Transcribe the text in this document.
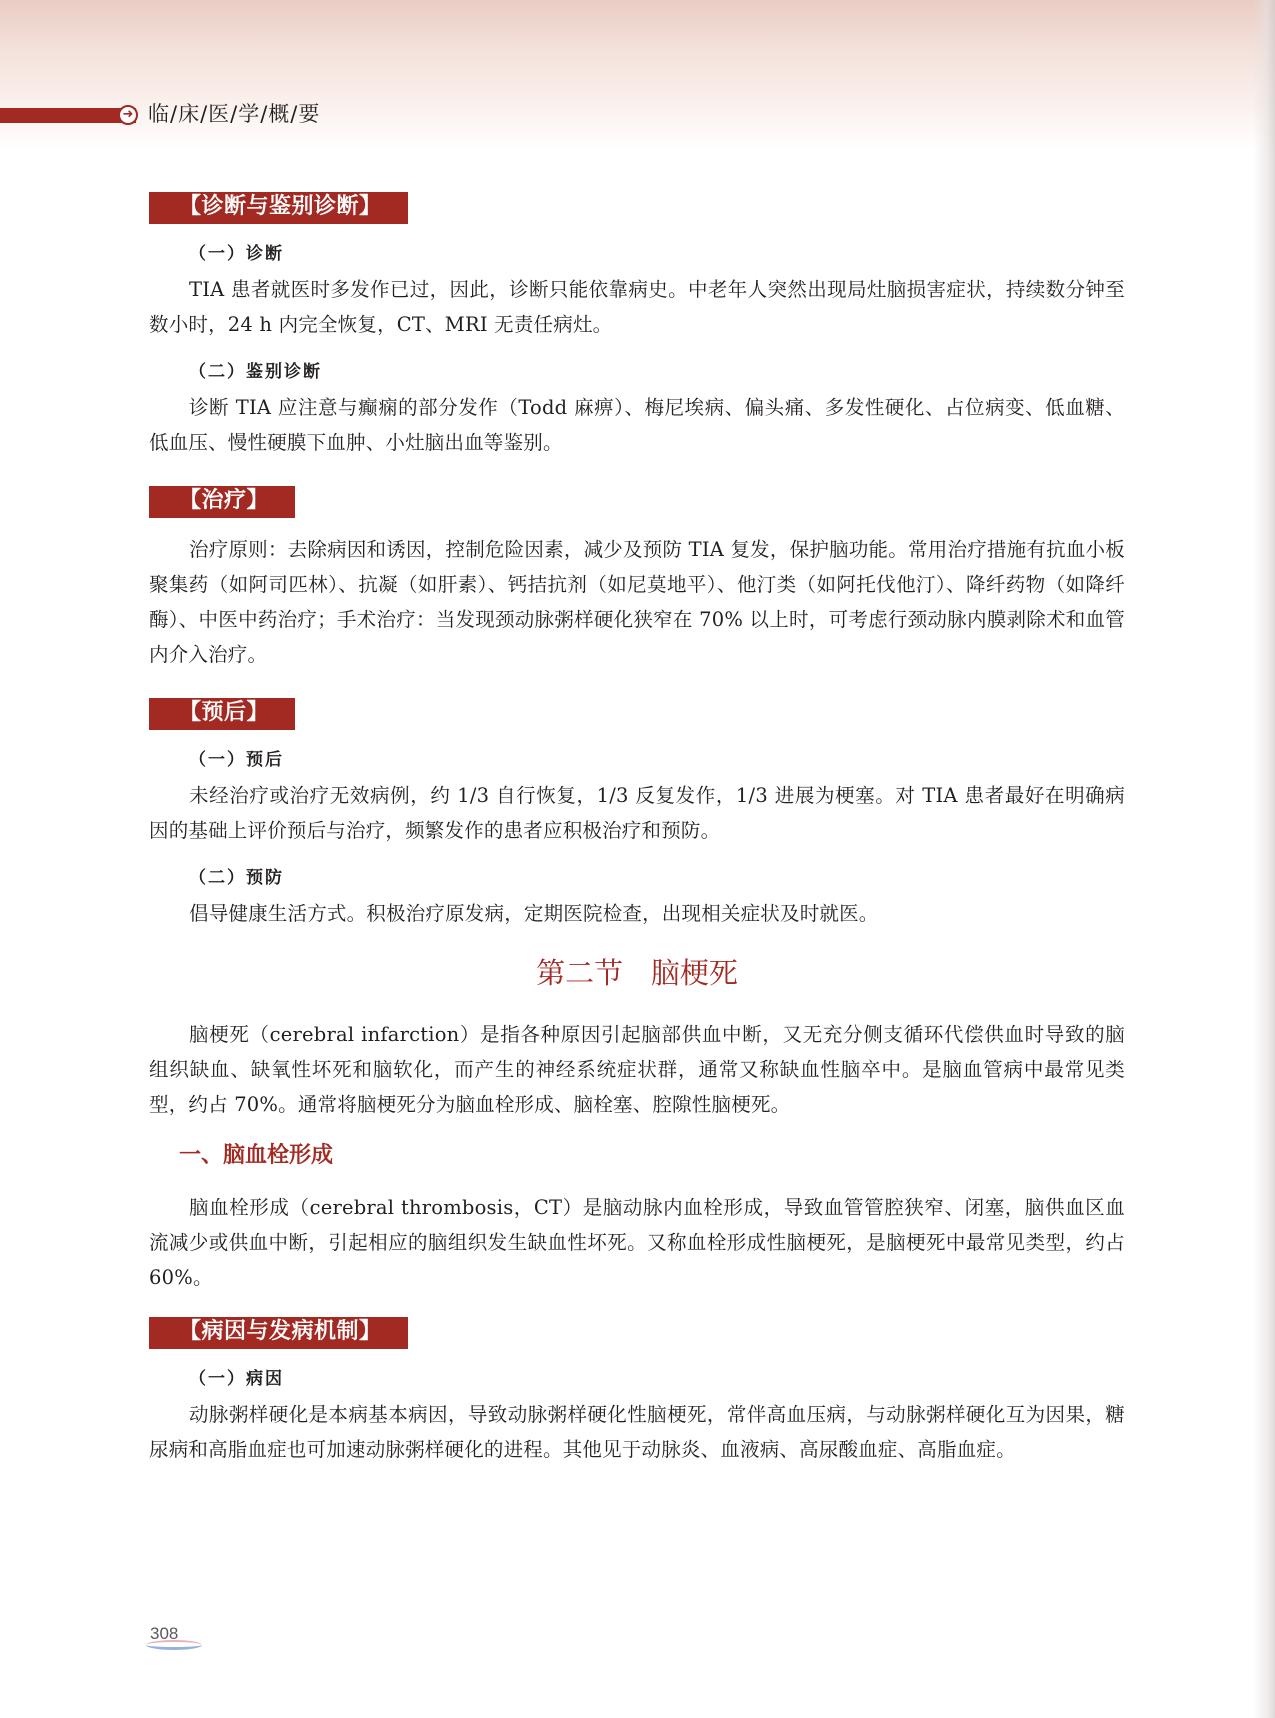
➜ 临/床/医/学/概/要
【诊断与鉴别诊断】
（一）诊断

TIA 患者就医时多发作已过，因此，诊断只能依靠病史。中老年人突然出现局灶脑损害症状，持续数分钟至数小时，24 h 内完全恢复，CT、MRI 无责任病灶。

（二）鉴别诊断

诊断 TIA 应注意与癫痫的部分发作（Todd 麻痹）、梅尼埃病、偏头痛、多发性硬化、占位病变、低血糖、低血压、慢性硬膜下血肿、小灶脑出血等鉴别。

【治疗】

治疗原则：去除病因和诱因，控制危险因素，减少及预防 TIA 复发，保护脑功能。常用治疗措施有抗血小板聚集药（如阿司匹林）、抗凝（如肝素）、钙拮抗剂（如尼莫地平）、他汀类（如阿托伐他汀）、降纤药物（如降纤酶）、中医中药治疗；手术治疗：当发现颈动脉粥样硬化狭窄在 70% 以上时，可考虑行颈动脉内膜剥除术和血管内介入治疗。

【预后】
（一）预后

未经治疗或治疗无效病例，约 1/3 自行恢复，1/3 反复发作，1/3 进展为梗塞。对 TIA 患者最好在明确病因的基础上评价预后与治疗，频繁发作的患者应积极治疗和预防。

（二）预防

倡导健康生活方式。积极治疗原发病，定期医院检查，出现相关症状及时就医。

第二节   脑梗死

脑梗死（cerebral infarction）是指各种原因引起脑部供血中断，又无充分侧支循环代偿供血时导致的脑组织缺血、缺氧性坏死和脑软化，而产生的神经系统症状群，通常又称缺血性脑卒中。是脑血管病中最常见类型，约占 70%。通常将脑梗死分为脑血栓形成、脑栓塞、腔隙性脑梗死。

一、脑血栓形成

脑血栓形成（cerebral thrombosis，CT）是脑动脉内血栓形成，导致血管管腔狭窄、闭塞，脑供血区血流减少或供血中断，引起相应的脑组织发生缺血性坏死。又称血栓形成性脑梗死，是脑梗死中最常见类型，约占 60%。

【病因与发病机制】
（一）病因

动脉粥样硬化是本病基本病因，导致动脉粥样硬化性脑梗死，常伴高血压病，与动脉粥样硬化互为因果，糖尿病和高脂血症也可加速动脉粥样硬化的进程。其他见于动脉炎、血液病、高尿酸血症、高脂血症。

308
